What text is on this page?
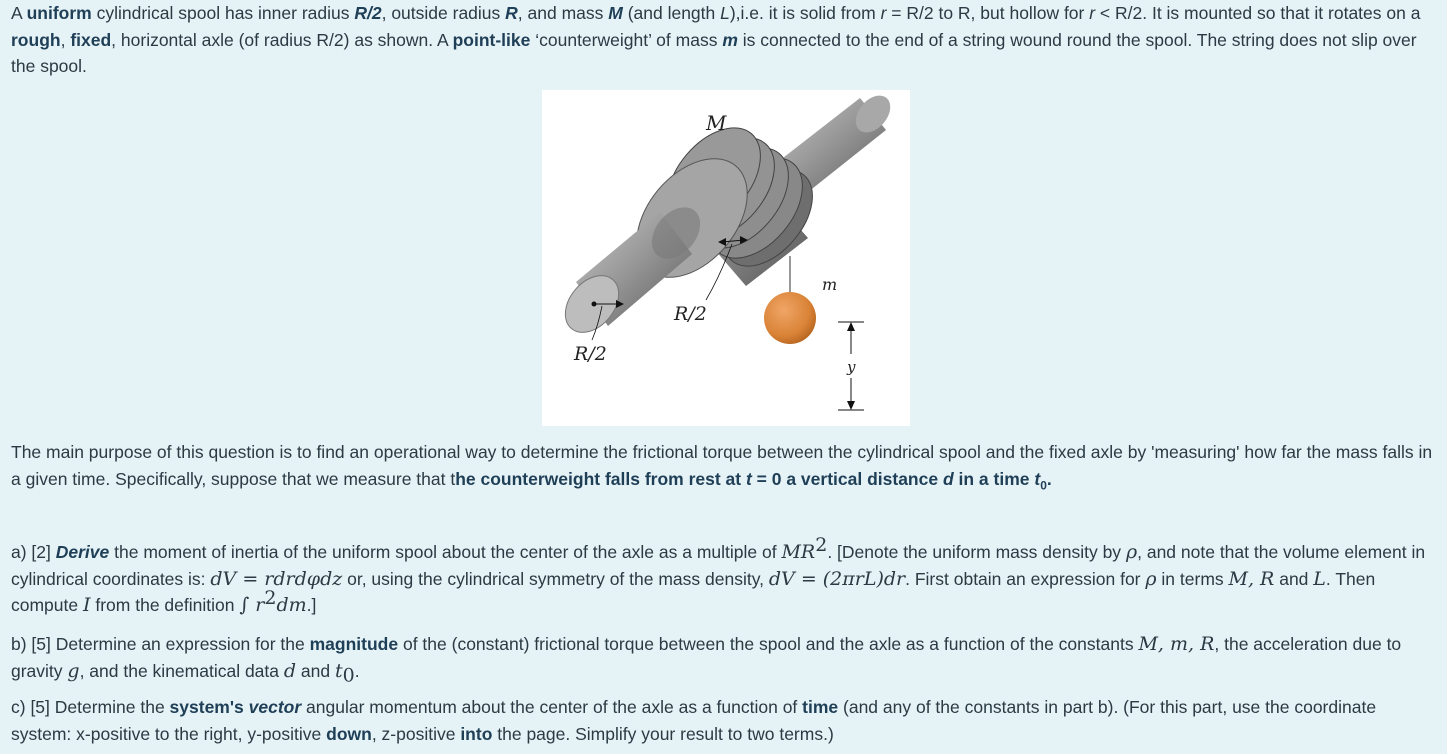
A uniform cylindrical spool has inner radius R/2, outside radius R, and mass M (and length L),i.e. it is solid from r = R/2 to R, but hollow for r < R/2. It is mounted so that it rotates on a rough, fixed, horizontal axle (of radius R/2) as shown. A point-like ‘counterweight’ of mass m is connected to the end of a string wound round the spool. The string does not slip over the spool.

M
m
R/2
R/2
y

The main purpose of this question is to find an operational way to determine the frictional torque between the cylindrical spool and the fixed axle by 'measuring' how far the mass falls in a given time. Specifically, suppose that we measure that the counterweight falls from rest at t = 0 a vertical distance d in a time $t_0$.

a) [2] Derive the moment of inertia of the uniform spool about the center of the axle as a multiple of $MR^2$. [Denote the uniform mass density by ρ, and note that the volume element in cylindrical coordinates is: dV = rdrdφdz or, using the cylindrical symmetry of the mass density, dV = (2πrL)dr. First obtain an expression for ρ in terms M, R and L. Then compute I from the definition ∫ $r^2dm$.]

b) [5] Determine an expression for the magnitude of the (constant) frictional torque between the spool and the axle as a function of the constants M, m, R, the acceleration due to gravity g, and the kinematical data d and $t_0$.

c) [5] Determine the system's vector angular momentum about the center of the axle as a function of time (and any of the constants in part b). (For this part, use the coordinate system: x-positive to the right, y-positive down, z-positive into the page. Simplify your result to two terms.)
